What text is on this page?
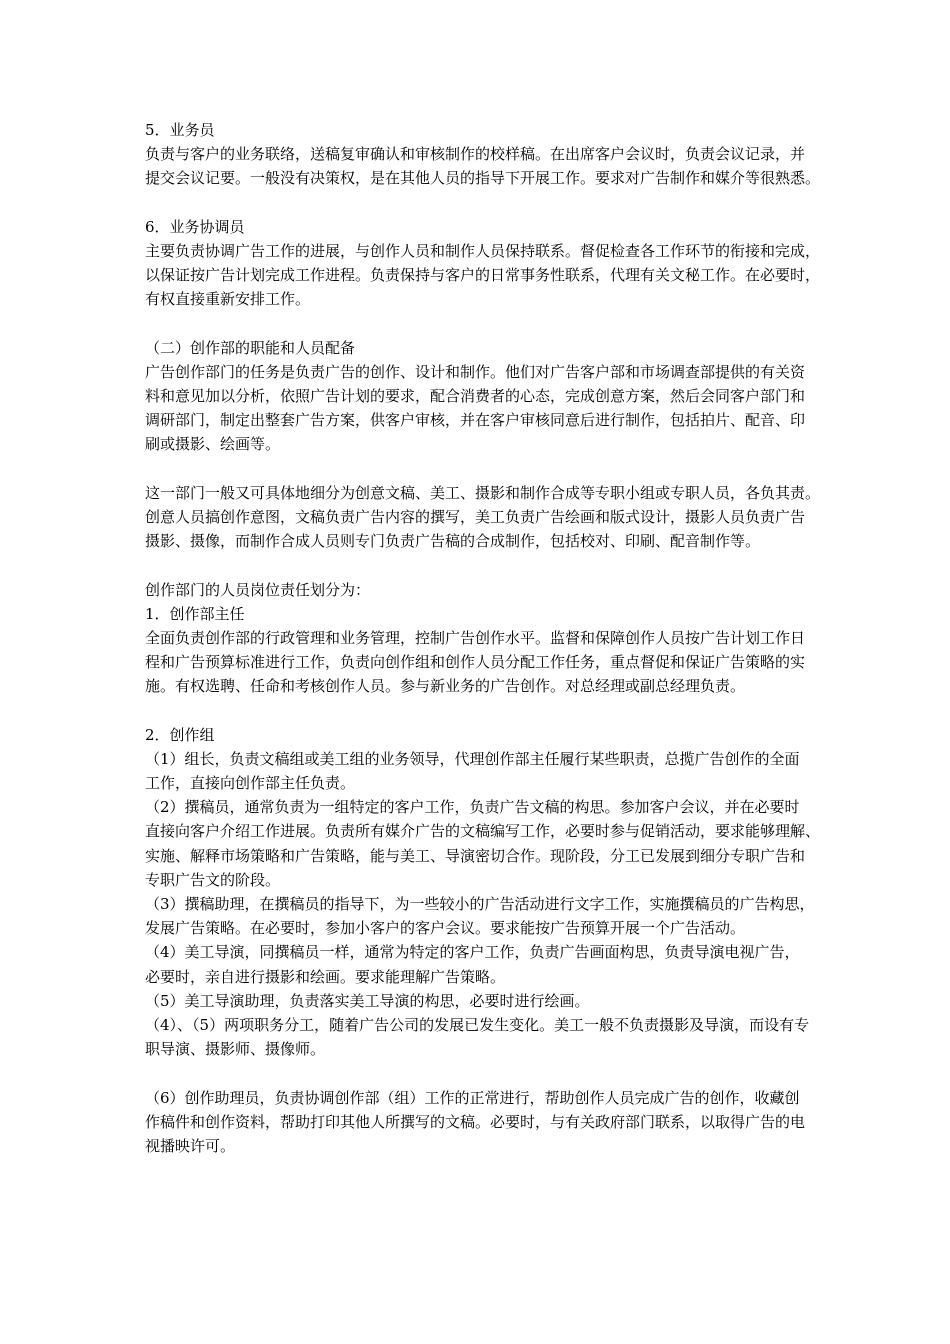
5．业务员
负责与客户的业务联络，送稿复审确认和审核制作的校样稿。在出席客户会议时，负责会议记录，并
提交会议记要。一般没有决策权，是在其他人员的指导下开展工作。要求对广告制作和媒介等很熟悉。
6．业务协调员
主要负责协调广告工作的进展，与创作人员和制作人员保持联系。督促检查各工作环节的衔接和完成，
以保证按广告计划完成工作进程。负责保持与客户的日常事务性联系，代理有关文秘工作。在必要时，
有权直接重新安排工作。
（二）创作部的职能和人员配备
广告创作部门的任务是负责广告的创作、设计和制作。他们对广告客户部和市场调查部提供的有关资
料和意见加以分析，依照广告计划的要求，配合消费者的心态，完成创意方案，然后会同客户部门和
调研部门，制定出整套广告方案，供客户审核，并在客户审核同意后进行制作，包括拍片、配音、印
刷或摄影、绘画等。
这一部门一般又可具体地细分为创意文稿、美工、摄影和制作合成等专职小组或专职人员，各负其责。
创意人员搞创作意图，文稿负责广告内容的撰写，美工负责广告绘画和版式设计，摄影人员负责广告
摄影、摄像，而制作合成人员则专门负责广告稿的合成制作，包括校对、印刷、配音制作等。
创作部门的人员岗位责任划分为：
1．创作部主任
全面负责创作部的行政管理和业务管理，控制广告创作水平。监督和保障创作人员按广告计划工作日
程和广告预算标准进行工作，负责向创作组和创作人员分配工作任务，重点督促和保证广告策略的实
施。有权选聘、任命和考核创作人员。参与新业务的广告创作。对总经理或副总经理负责。
2．创作组
（1）组长，负责文稿组或美工组的业务领导，代理创作部主任履行某些职责，总揽广告创作的全面
工作，直接向创作部主任负责。
（2）撰稿员，通常负责为一组特定的客户工作，负责广告文稿的构思。参加客户会议，并在必要时
直接向客户介绍工作进展。负责所有媒介广告的文稿编写工作，必要时参与促销活动，要求能够理解、
实施、解释市场策略和广告策略，能与美工、导演密切合作。现阶段，分工已发展到细分专职广告和
专职广告文的阶段。
（3）撰稿助理，在撰稿员的指导下，为一些较小的广告活动进行文字工作，实施撰稿员的广告构思，
发展广告策略。在必要时，参加小客户的客户会议。要求能按广告预算开展一个广告活动。
（4）美工导演，同撰稿员一样，通常为特定的客户工作，负责广告画面构思，负责导演电视广告，
必要时，亲自进行摄影和绘画。要求能理解广告策略。
（5）美工导演助理，负责落实美工导演的构思，必要时进行绘画。
（4）、（5）两项职务分工，随着广告公司的发展已发生变化。美工一般不负责摄影及导演，而设有专
职导演、摄影师、摄像师。
（6）创作助理员，负责协调创作部（组）工作的正常进行，帮助创作人员完成广告的创作，收藏创
作稿件和创作资料，帮助打印其他人所撰写的文稿。必要时，与有关政府部门联系，以取得广告的电
视播映许可。
